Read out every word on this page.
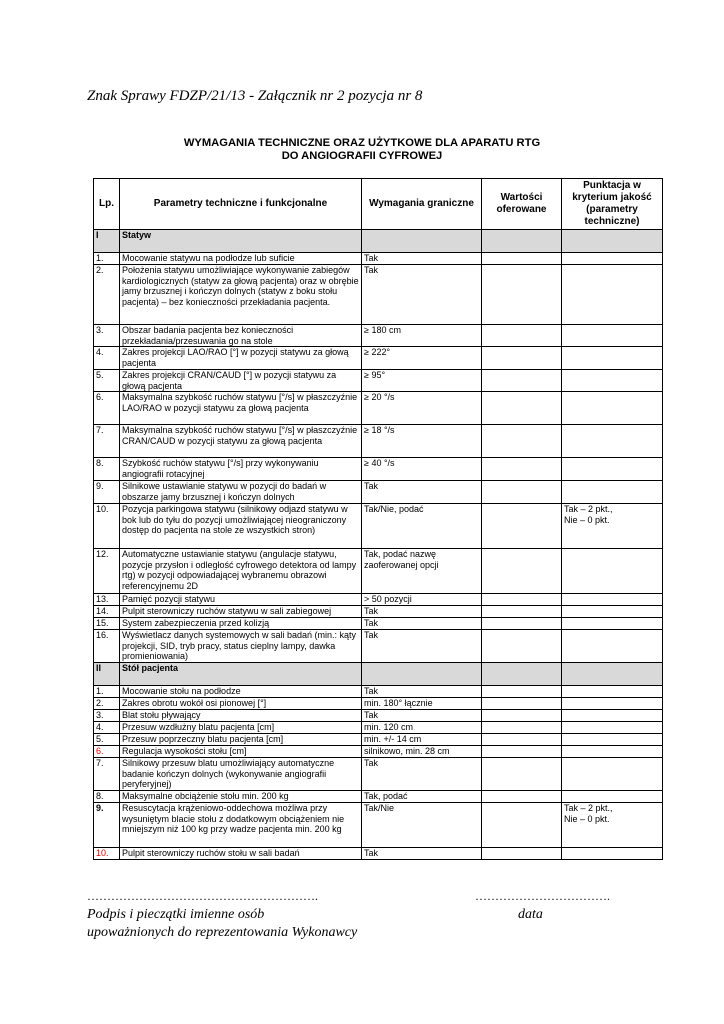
Znak Sprawy FDZP/21/13 - Załącznik nr 2 pozycja nr 8
WYMAGANIA TECHNICZNE ORAZ UŻYTKOWE DLA APARATU RTG
DO ANGIOGRAFII CYFROWEJ
Lp.	Parametry techniczne i funkcjonalne	Wymagania graniczne	Wartości oferowane	Punktacja w kryterium jakość (parametry techniczne)
I	Statyw			
1.	Mocowanie statywu na podłodze lub suficie	Tak		
2.	Położenia statywu umożliwiające wykonywanie zabiegów kardiologicznych (statyw za głową pacjenta) oraz w obrębie jamy brzusznej i kończyn dolnych (statyw z boku stołu pacjenta) – bez konieczności przekładania pacjenta.	Tak		
3.	Obszar badania pacjenta bez konieczności przekładania/przesuwania go na stole	≥ 180 cm		
4.	Zakres projekcji LAO/RAO [°] w pozycji statywu za głową pacjenta	≥ 222°		
5.	Zakres projekcji CRAN/CAUD [°] w pozycji statywu za głową pacjenta	≥ 95°		
6.	Maksymalna szybkość ruchów statywu [°/s] w płaszczyźnie LAO/RAO w pozycji statywu za głową pacjenta	≥ 20 °/s		
7.	Maksymalna szybkość ruchów statywu [°/s] w płaszczyźnie CRAN/CAUD w pozycji statywu za głową pacjenta	≥ 18 °/s		
8.	Szybkość ruchów statywu [°/s] przy wykonywaniu angiografii rotacyjnej	≥ 40 °/s		
9.	Silnikowe ustawianie statywu w pozycji do badań w obszarze jamy brzusznej i kończyn dolnych	Tak		
10.	Pozycja parkingowa statywu (silnikowy odjazd statywu w bok lub do tyłu do pozycji umożliwiającej nieograniczony dostęp do pacjenta na stole ze wszystkich stron)	Tak/Nie, podać		Tak – 2 pkt.,
Nie – 0 pkt.
12.	Automatyczne ustawianie statywu (angulacje statywu, pozycje przysłon i odległość cyfrowego detektora od lampy rtg) w pozycji odpowiadającej wybranemu obrazowi referencyjnemu 2D	Tak, podać nazwę zaoferowanej opcji		
13.	Pamięć pozycji statywu	> 50 pozycji		
14.	Pulpit sterowniczy ruchów statywu w sali zabiegowej	Tak		
15.	System zabezpieczenia przed kolizją	Tak		
16.	Wyświetlacz danych systemowych w sali badań (min.: kąty projekcji, SID, tryb pracy, status cieplny lampy, dawka promieniowania)	Tak		
II	Stół pacjenta			
1.	Mocowanie stołu na podłodze	Tak		
2.	Zakres obrotu wokół osi pionowej [°]	min. 180° łącznie		
3.	Blat stołu pływający	Tak		
4.	Przesuw wzdłużny blatu pacjenta [cm]	min. 120 cm		
5.	Przesuw poprzeczny blatu pacjenta [cm]	min. +/- 14 cm		
6.	Regulacja wysokości stołu [cm]	silnikowo, min. 28 cm		
7.	Silnikowy przesuw blatu umożliwiający automatyczne badanie kończyn dolnych (wykonywanie angiografii peryferyjnej)	Tak		
8.	Maksymalne obciążenie stołu min. 200 kg	Tak, podać		
9.	Resuscytacja krążeniowo-oddechowa możliwa przy wysuniętym blacie stołu z dodatkowym obciążeniem nie mniejszym niż 100 kg przy wadze pacjenta min. 200 kg	Tak/Nie		Tak – 2 pkt.,
Nie – 0 pkt.
10.	Pulpit sterowniczy ruchów stołu w sali badań	Tak		
………………………………………………….	…………………………….
Podpis i pieczątki imienne osób
upoważnionych do reprezentowania Wykonawcy
data
